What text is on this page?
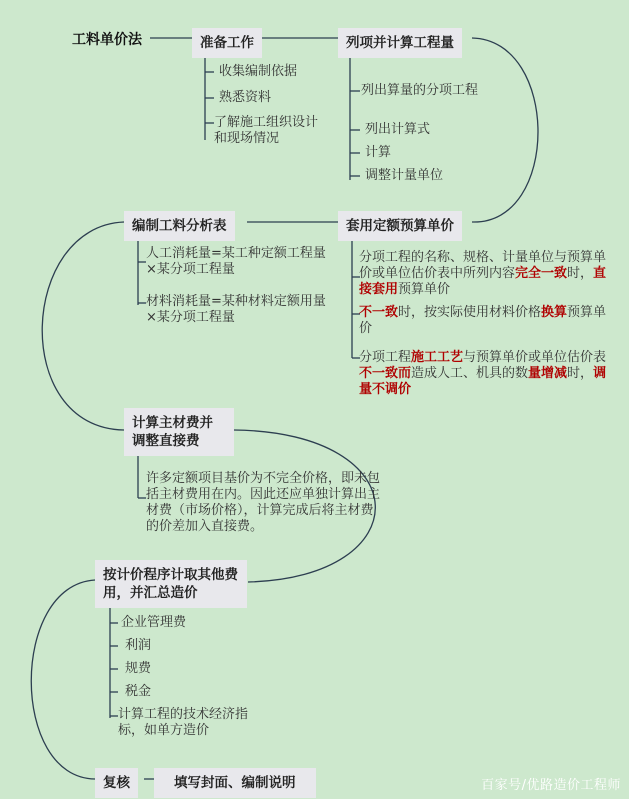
工料单价法	准备工作	列项并计算工程量
收集编制依据
熟悉资料
了解施工组织设计和现场情况
列出算量的分项工程
列出计算式
计算
调整计量单位
编制工料分析表	套用定额预算单价
分项工程的名称、规格、计量单位与预算单价或单位估价表中所列内容完全一致时，直接套用预算单价
不一致时，按实际使用材料价格换算预算单价
分项工程施工工艺与预算单价或单位估价表不一致而造成人工、机具的数量增减时，调量不调价
人工消耗量=某工种定额工程量×某分项工程量
材料消耗量=某种材料定额用量×某分项工程量
计算主材费并调整直接费
许多定额项目基价为不完全价格，即未包括主材费用在内。因此还应单独计算出主材费（市场价格），计算完成后将主材费的价差加入直接费。
按计价程序计取其他费用，并汇总造价
企业管理费
利润
规费
税金
计算工程的技术经济指标，如单方造价
复核	填写封面、编制说明	百家号/优路造价工程师
